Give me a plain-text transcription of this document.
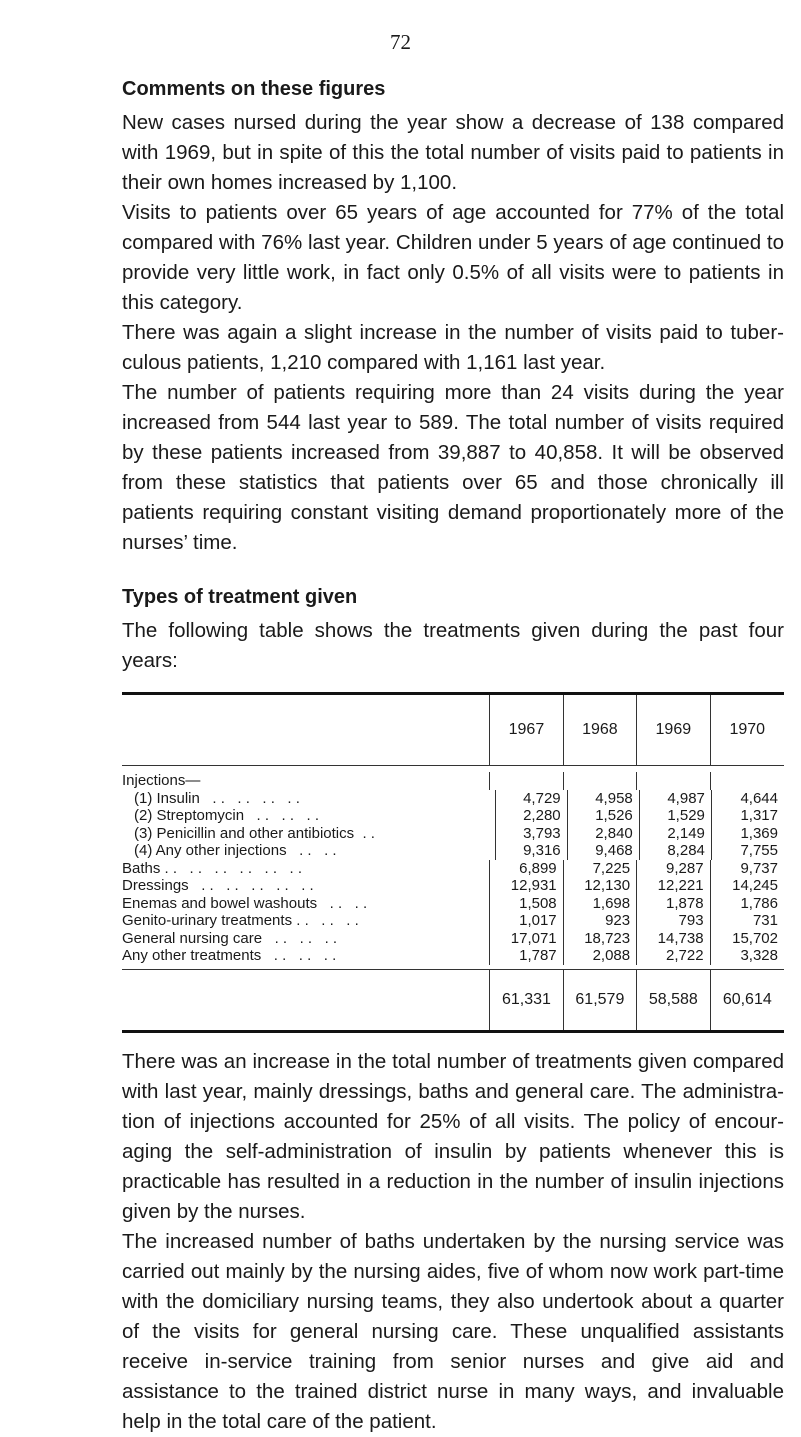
72
Comments on these figures

New cases nursed during the year show a decrease of 138 compared with 1969, but in spite of this the total number of visits paid to patients in their own homes increased by 1,100.

Visits to patients over 65 years of age accounted for 77% of the total compared with 76% last year. Children under 5 years of age continued to provide very little work, in fact only 0.5% of all visits were to patients in this category.

There was again a slight increase in the number of visits paid to tuberculous patients, 1,210 compared with 1,161 last year.

The number of patients requiring more than 24 visits during the year increased from 544 last year to 589. The total number of visits required by these patients increased from 39,887 to 40,858. It will be observed from these statistics that patients over 65 and those chronically ill patients requiring constant visiting demand proportionately more of the nurses’ time.

Types of treatment given

The following table shows the treatments given during the past four years:

1967	1968	1969	1970
Injections—
(1) Insulin   . .   . .   . .   . .	4,729	4,958	4,987	4,644
(2) Streptomycin   . .   . .   . .	2,280	1,526	1,529	1,317
(3) Penicillin and other antibiotics  . .	3,793	2,840	2,149	1,369
(4) Any other injections   . .   . .	9,316	9,468	8,284	7,755
Baths . .   . .   . .   . .   . .   . .	6,899	7,225	9,287	9,737
Dressings   . .   . .   . .   . .   . .	12,931	12,130	12,221	14,245
Enemas and bowel washouts   . .   . .	1,508	1,698	1,878	1,786
Genito-urinary treatments . .   . .   . .	1,017	923	793	731
General nursing care   . .   . .   . .	17,071	18,723	14,738	15,702
Any other treatments   . .   . .   . .	1,787	2,088	2,722	3,328
61,331	61,579	58,588	60,614

There was an increase in the total number of treatments given compared with last year, mainly dressings, baths and general care. The administration of injections accounted for 25% of all visits. The policy of encouraging the self-administration of insulin by patients whenever this is practicable has resulted in a reduction in the number of insulin injections given by the nurses.

The increased number of baths undertaken by the nursing service was carried out mainly by the nursing aides, five of whom now work part-time with the domiciliary nursing teams, they also undertook about a quarter of the visits for general nursing care. These unqualified assistants receive in-service training from senior nurses and give aid and assistance to the trained district nurse in many ways, and invaluable help in the total care of the patient.
